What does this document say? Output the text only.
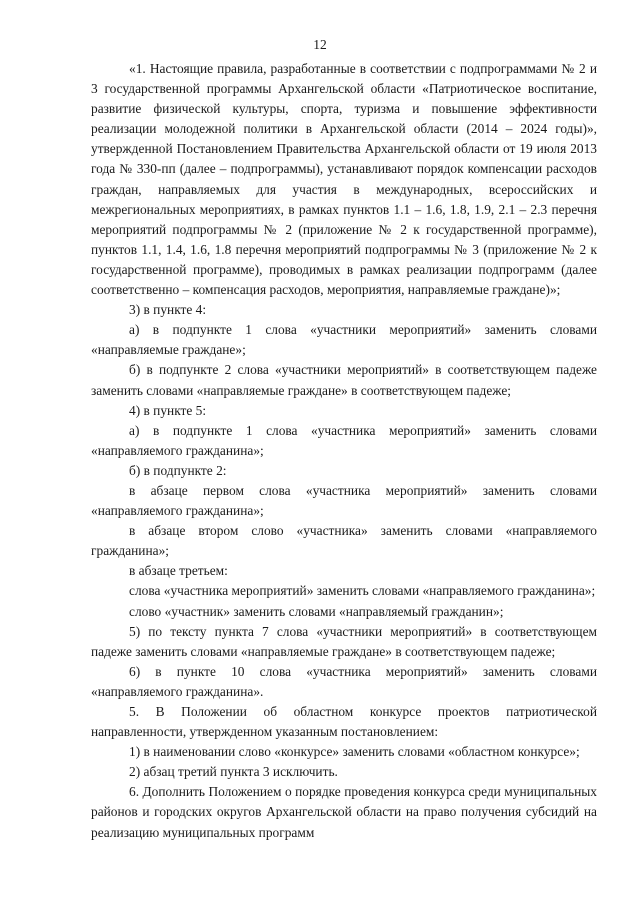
12

«1. Настоящие правила, разработанные в соответствии с подпрограммами № 2 и 3 государственной программы Архангельской области «Патриотическое воспитание, развитие физической культуры, спорта, туризма и повышение эффективности реализации молодежной политики в Архангельской области (2014 – 2024 годы)», утвержденной Постановлением Правительства Архангельской области от 19 июля 2013 года № 330-пп (далее – подпрограммы), устанавливают порядок компенсации расходов граждан, направляемых для участия в международных, всероссийских и межрегиональных мероприятиях, в рамках пунктов 1.1 – 1.6, 1.8, 1.9, 2.1 – 2.3 перечня мероприятий подпрограммы № 2 (приложение № 2 к государственной программе), пунктов 1.1, 1.4, 1.6, 1.8 перечня мероприятий подпрограммы № 3 (приложение № 2 к государственной программе), проводимых в рамках реализации подпрограмм (далее соответственно – компенсация расходов, мероприятия, направляемые граждане)»;

3) в пункте 4:

а) в подпункте 1 слова «участники мероприятий» заменить словами «направляемые граждане»;

б) в подпункте 2 слова «участники мероприятий» в соответствующем падеже заменить словами «направляемые граждане» в соответствующем падеже;

4) в пункте 5:

а) в подпункте 1 слова «участника мероприятий» заменить словами «направляемого гражданина»;

б) в подпункте 2:

в абзаце первом слова «участника мероприятий» заменить словами «направляемого гражданина»;

в абзаце втором слово «участника» заменить словами «направляемого гражданина»;

в абзаце третьем:

слова «участника мероприятий» заменить словами «направляемого гражданина»;

слово «участник» заменить словами «направляемый гражданин»;

5) по тексту пункта 7 слова «участники мероприятий» в соответствующем падеже заменить словами «направляемые граждане» в соответствующем падеже;

6) в пункте 10 слова «участника мероприятий» заменить словами «направляемого гражданина».

5. В Положении об областном конкурсе проектов патриотической направленности, утвержденном указанным постановлением:

1) в наименовании слово «конкурсе» заменить словами «областном конкурсе»;

2) абзац третий пункта 3 исключить.

6. Дополнить Положением о порядке проведения конкурса среди муниципальных районов и городских округов Архангельской области на право получения субсидий на реализацию муниципальных программ
